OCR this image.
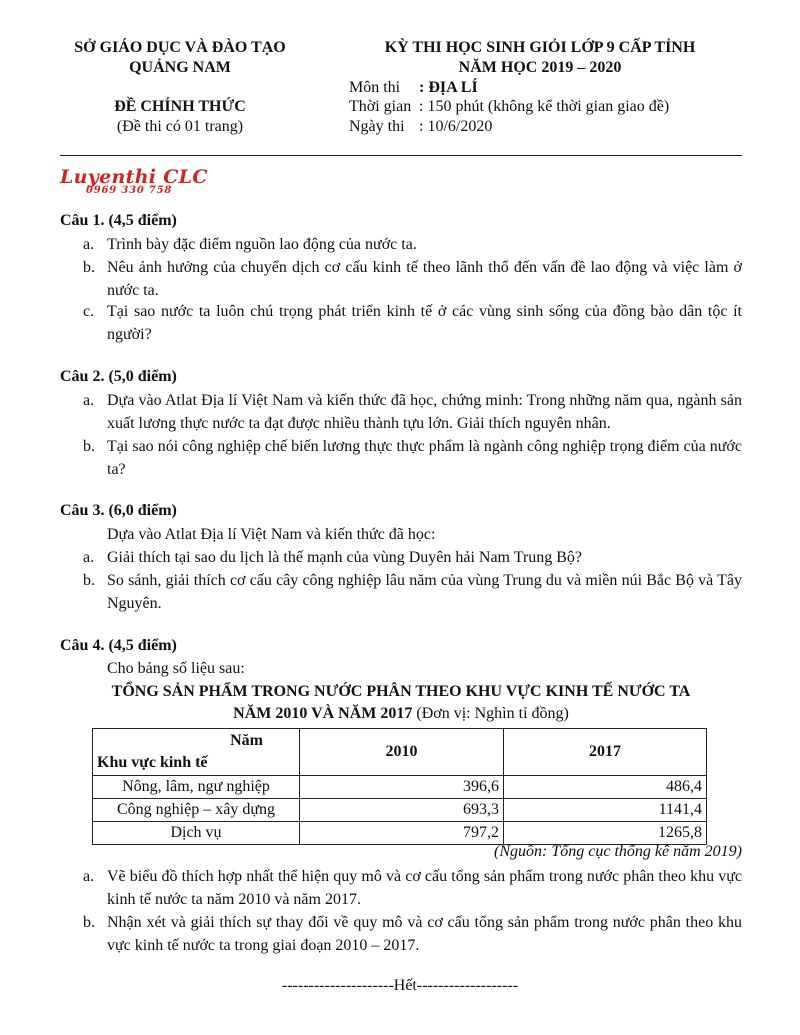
SỞ GIÁO DỤC VÀ ĐÀO TẠO
QUẢNG NAM
ĐỀ CHÍNH THỨC
(Đề thi có 01 trang)
KỲ THI HỌC SINH GIỎI LỚP 9 CẤP TỈNH
NĂM HỌC 2019 – 2020
Môn thi : ĐỊA LÍ
Thời gian : 150 phút (không kể thời gian giao đề)
Ngày thi : 10/6/2020
Luyenthi CLC
0969 330 758
Câu 1. (4,5 điểm)
a. Trình bày đặc điểm nguồn lao động của nước ta.
b. Nêu ảnh hưởng của chuyển dịch cơ cấu kinh tế theo lãnh thổ đến vấn đề lao động và việc làm ở nước ta.
c. Tại sao nước ta luôn chú trọng phát triển kinh tế ở các vùng sinh sống của đồng bào dân tộc ít người?
Câu 2. (5,0 điểm)
a. Dựa vào Atlat Địa lí Việt Nam và kiến thức đã học, chứng minh: Trong những năm qua, ngành sản xuất lương thực nước ta đạt được nhiều thành tựu lớn. Giải thích nguyên nhân.
b. Tại sao nói công nghiệp chế biến lương thực thực phẩm là ngành công nghiệp trọng điểm của nước ta?
Câu 3. (6,0 điểm)
Dựa vào Atlat Địa lí Việt Nam và kiến thức đã học:
a. Giải thích tại sao du lịch là thế mạnh của vùng Duyên hải Nam Trung Bộ?
b. So sánh, giải thích cơ cấu cây công nghiệp lâu năm của vùng Trung du và miền núi Bắc Bộ và Tây Nguyên.
Câu 4. (4,5 điểm)
Cho bảng số liệu sau:
TỔNG SẢN PHẨM TRONG NƯỚC PHÂN THEO KHU VỰC KINH TẾ NƯỚC TA
NĂM 2010 VÀ NĂM 2017 (Đơn vị: Nghìn tỉ đồng)
Năm
Khu vực kinh tế	2010	2017
Nông, lâm, ngư nghiệp	396,6	486,4
Công nghiệp – xây dựng	693,3	1141,4
Dịch vụ	797,2	1265,8
(Nguồn: Tổng cục thống kê năm 2019)
a. Vẽ biểu đồ thích hợp nhất thể hiện quy mô và cơ cấu tổng sản phẩm trong nước phân theo khu vực kinh tế nước ta năm 2010 và năm 2017.
b. Nhận xét và giải thích sự thay đổi về quy mô và cơ cấu tổng sản phẩm trong nước phân theo khu vực kinh tế nước ta trong giai đoạn 2010 – 2017.
---------------------Hết-------------------
